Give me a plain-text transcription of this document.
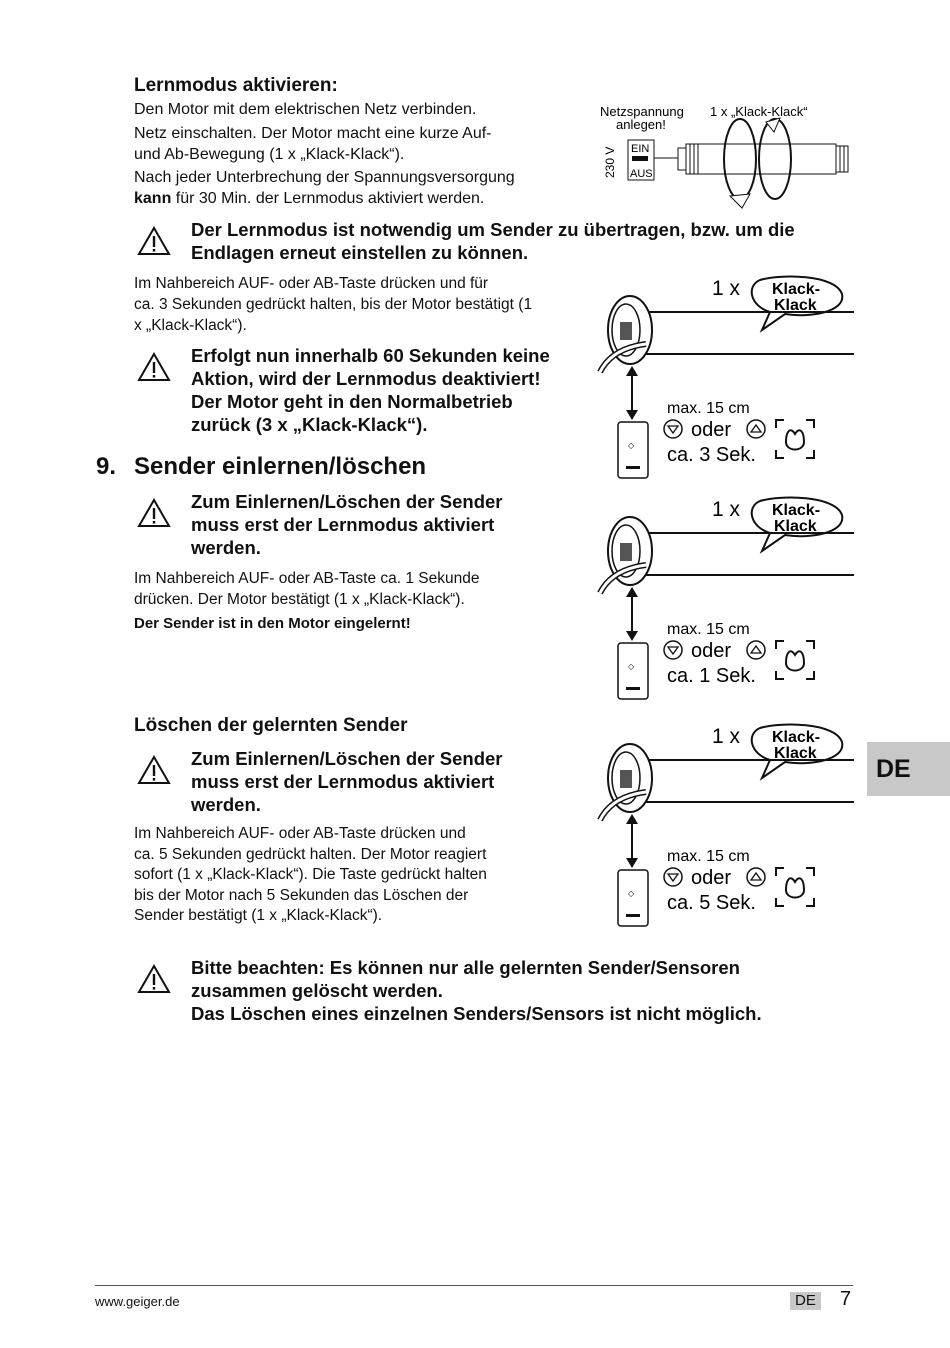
Lernmodus aktivieren:
Den Motor mit dem elektrischen Netz verbinden.
Netz einschalten. Der Motor macht eine kurze Auf-
und Ab-Bewegung (1 x „Klack-Klack“).
Nach jeder Unterbrechung der Spannungsversorgung
kann für 30 Min. der Lernmodus aktiviert werden.
Netzspannung
anlegen!
1 x „Klack-Klack“
230 V EIN
AUS
Der Lernmodus ist notwendig um Sender zu übertragen, bzw. um die
Endlagen erneut einstellen zu können.
Im Nahbereich AUF- oder AB-Taste drücken und für
ca. 3 Sekunden gedrückt halten, bis der Motor bestätigt (1
x „Klack-Klack“).
Erfolgt nun innerhalb 60 Sekunden keine
Aktion, wird der Lernmodus deaktiviert!
Der Motor geht in den Normalbetrieb
zurück (3 x „Klack-Klack“).
9. Sender einlernen/löschen
Zum Einlernen/Löschen der Sender
muss erst der Lernmodus aktiviert
werden.
Im Nahbereich AUF- oder AB-Taste ca. 1 Sekunde
drücken. Der Motor bestätigt (1 x „Klack-Klack“).
Der Sender ist in den Motor eingelernt!
Löschen der gelernten Sender
Zum Einlernen/Löschen der Sender
muss erst der Lernmodus aktiviert
werden.
Im Nahbereich AUF- oder AB-Taste drücken und
ca. 5 Sekunden gedrückt halten. Der Motor reagiert
sofort (1 x „Klack-Klack“). Die Taste gedrückt halten
bis der Motor nach 5 Sekunden das Löschen der
Sender bestätigt (1 x „Klack-Klack“).
Bitte beachten: Es können nur alle gelernten Sender/Sensoren
zusammen gelöscht werden.
Das Löschen eines einzelnen Senders/Sensors ist nicht möglich.
1 x Klack-
Klack
◇
max. 15 cm
oder
ca. 3 Sek.
1 x Klack-
Klack
◇
max. 15 cm
oder
ca. 1 Sek.
1 x Klack-
Klack
◇
max. 15 cm
oder
ca. 5 Sek.
DE
www.geiger.de	DE 7
